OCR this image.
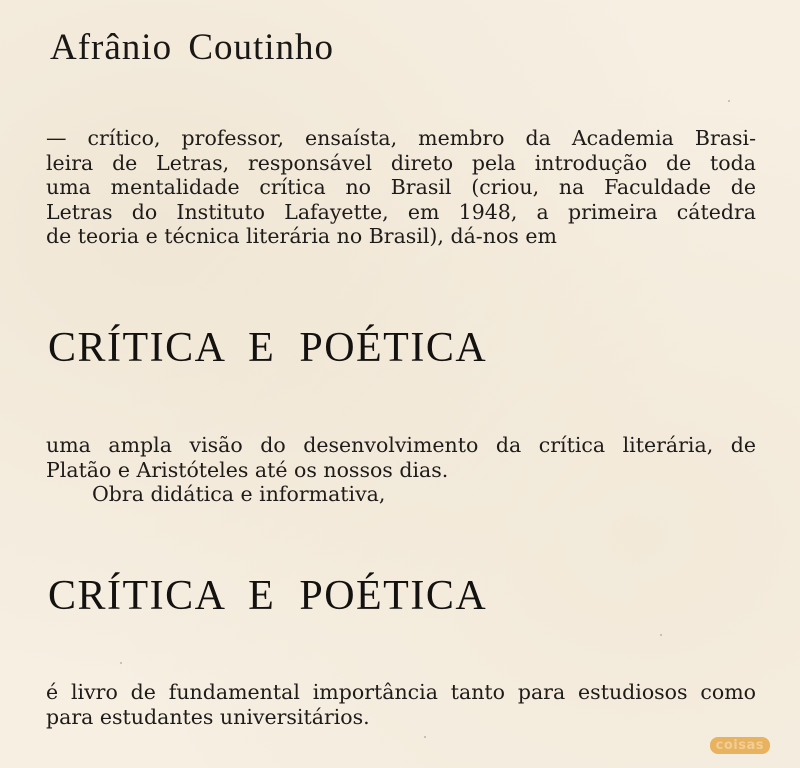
Afrânio Coutinho
— crítico, professor, ensaísta, membro da Academia Brasi-
leira de Letras, responsável direto pela introdução de toda
uma mentalidade crítica no Brasil (criou, na Faculdade de
Letras do Instituto Lafayette, em 1948, a primeira cátedra
de teoria e técnica literária no Brasil), dá-nos em
CRÍTICA E POÉTICA
uma ampla visão do desenvolvimento da crítica literária, de
Platão e Aristóteles até os nossos dias.
Obra didática e informativa,
CRÍTICA E POÉTICA
é livro de fundamental importância tanto para estudiosos como
para estudantes universitários.
coisas
